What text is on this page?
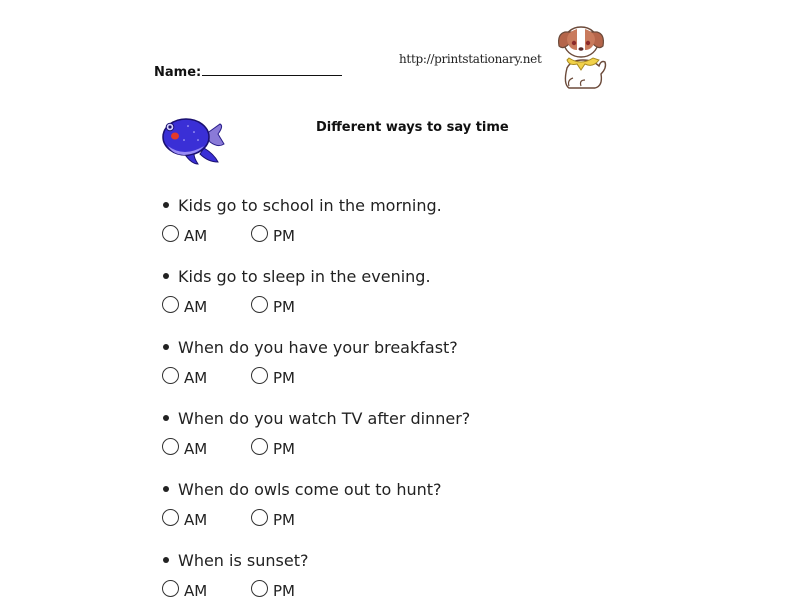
Name:
http://printstationary.net
Different ways to say time
Kids go to school in the morning.
AM	PM
Kids go to sleep in the evening.
AM	PM
When do you have your breakfast?
AM	PM
When do you watch TV after dinner?
AM	PM
When do owls come out to hunt?
AM	PM
When is sunset?
AM	PM
